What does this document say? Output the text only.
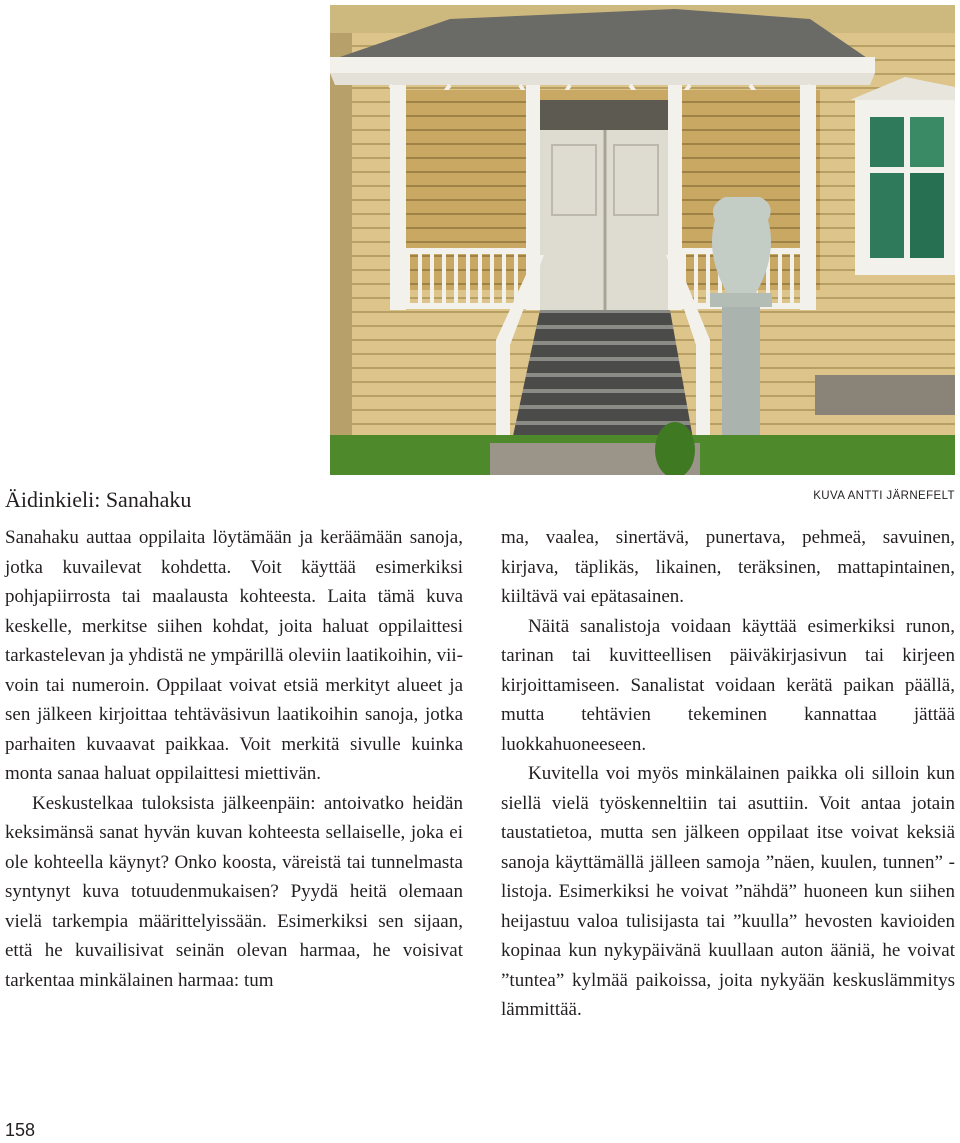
KUVA ANTTI JÄRNEFELT
Äidinkieli: Sanahaku

Sanahaku auttaa oppilaita löytämään ja keräämään sanoja, jotka kuvailevat kohdetta. Voit käyttää esimerkiksi pohjapiirrosta tai maalausta kohteesta. Laita tämä kuva keskelle, merkitse siihen kohdat, joita haluat oppilaittesi tarkastelevan ja yhdistä ne ympärillä oleviin laatikoihin, viivoin tai numeroin. Oppilaat voivat etsiä merkityt alueet ja sen jälkeen kirjoittaa tehtäväsivun laatikoihin sanoja, jotka parhaiten kuvaavat paikkaa. Voit merkitä sivulle kuinka monta sanaa haluat oppilaittesi miettivän.

Keskustelkaa tuloksista jälkeenpäin: antoivatko heidän keksimänsä sanat hyvän kuvan kohteesta sellaiselle, joka ei ole kohteella käynyt? Onko koosta, väreistä tai tunnelmasta syntynyt kuva totuudenmukaisen? Pyydä heitä olemaan vielä tarkempia määrittelyissään. Esimerkiksi sen sijaan, että he kuvailisivat seinän olevan harmaa, he voisivat tarkentaa minkälainen harmaa: tum

ma, vaalea, sinertävä, punertava, pehmeä, savuinen, kirjava, täplikäs, likainen, teräksinen, mattapintainen, kiiltävä vai epätasainen.

Näitä sanalistoja voidaan käyttää esimerkiksi runon, tarinan tai kuvitteellisen päiväkirjasivun tai kirjeen kirjoittamiseen. Sanalistat voidaan kerätä paikan päällä, mutta tehtävien tekeminen kannattaa jättää luokkahuoneeseen.

Kuvitella voi myös minkälainen paikka oli silloin kun siellä vielä työskenneltiin tai asuttiin. Voit antaa jotain taustatietoa, mutta sen jälkeen oppilaat itse voivat keksiä sanoja käyttämällä jälleen samoja ”näen, kuulen, tunnen” -listoja. Esimerkiksi he voivat ”nähdä” huoneen kun siihen heijastuu valoa tulisijasta tai ”kuulla” hevosten kavioiden kopinaa kun nykypäivänä kuullaan auton ääniä, he voivat ”tuntea” kylmää paikoissa, joita nykyään keskuslämmitys lämmittää.

158
